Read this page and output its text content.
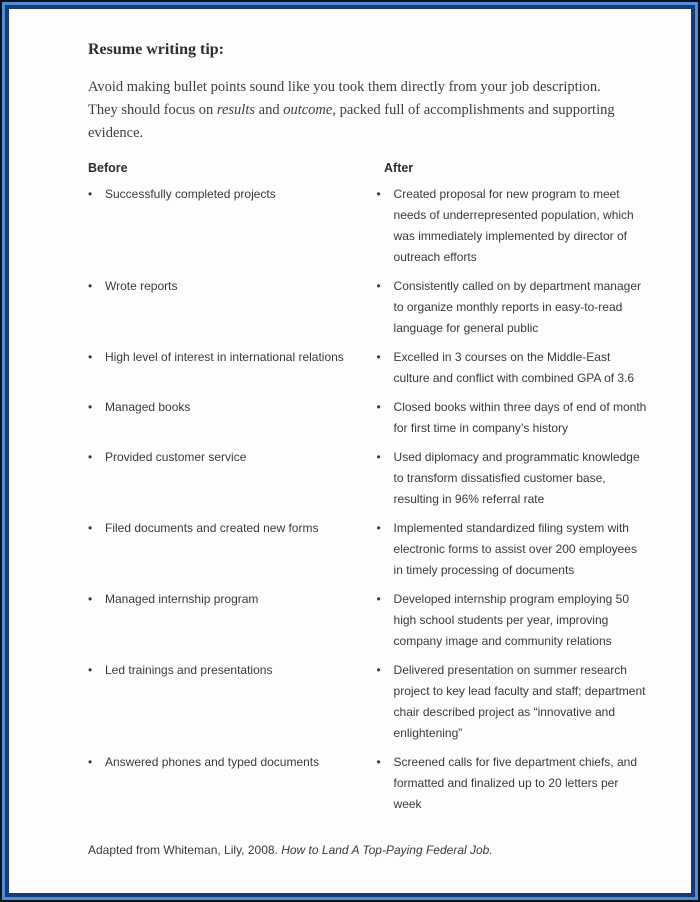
Resume writing tip:
Avoid making bullet points sound like you took them directly from your job description. They should focus on results and outcome, packed full of accomplishments and supporting evidence.
Before	After
•	Successfully completed projects	•	Created proposal for new program to meet needs of underrepresented population, which was immediately implemented by director of outreach efforts
•	Wrote reports	•	Consistently called on by department manager to organize monthly reports in easy-to-read language for general public
•	High level of interest in international relations	•	Excelled in 3 courses on the Middle-East culture and conflict with combined GPA of 3.6
•	Managed books	•	Closed books within three days of end of month for first time in company’s history
•	Provided customer service	•	Used diplomacy and programmatic knowledge to transform dissatisfied customer base, resulting in 96% referral rate
•	Filed documents and created new forms	•	Implemented standardized filing system with electronic forms to assist over 200 employees in timely processing of documents
•	Managed internship program	•	Developed internship program employing 50 high school students per year, improving company image and community relations
•	Led trainings and presentations	•	Delivered presentation on summer research project to key lead faculty and staff; department chair described project as “innovative and enlightening”
•	Answered phones and typed documents	•	Screened calls for five department chiefs, and formatted and finalized up to 20 letters per week
Adapted from Whiteman, Lily, 2008. How to Land A Top-Paying Federal Job.
